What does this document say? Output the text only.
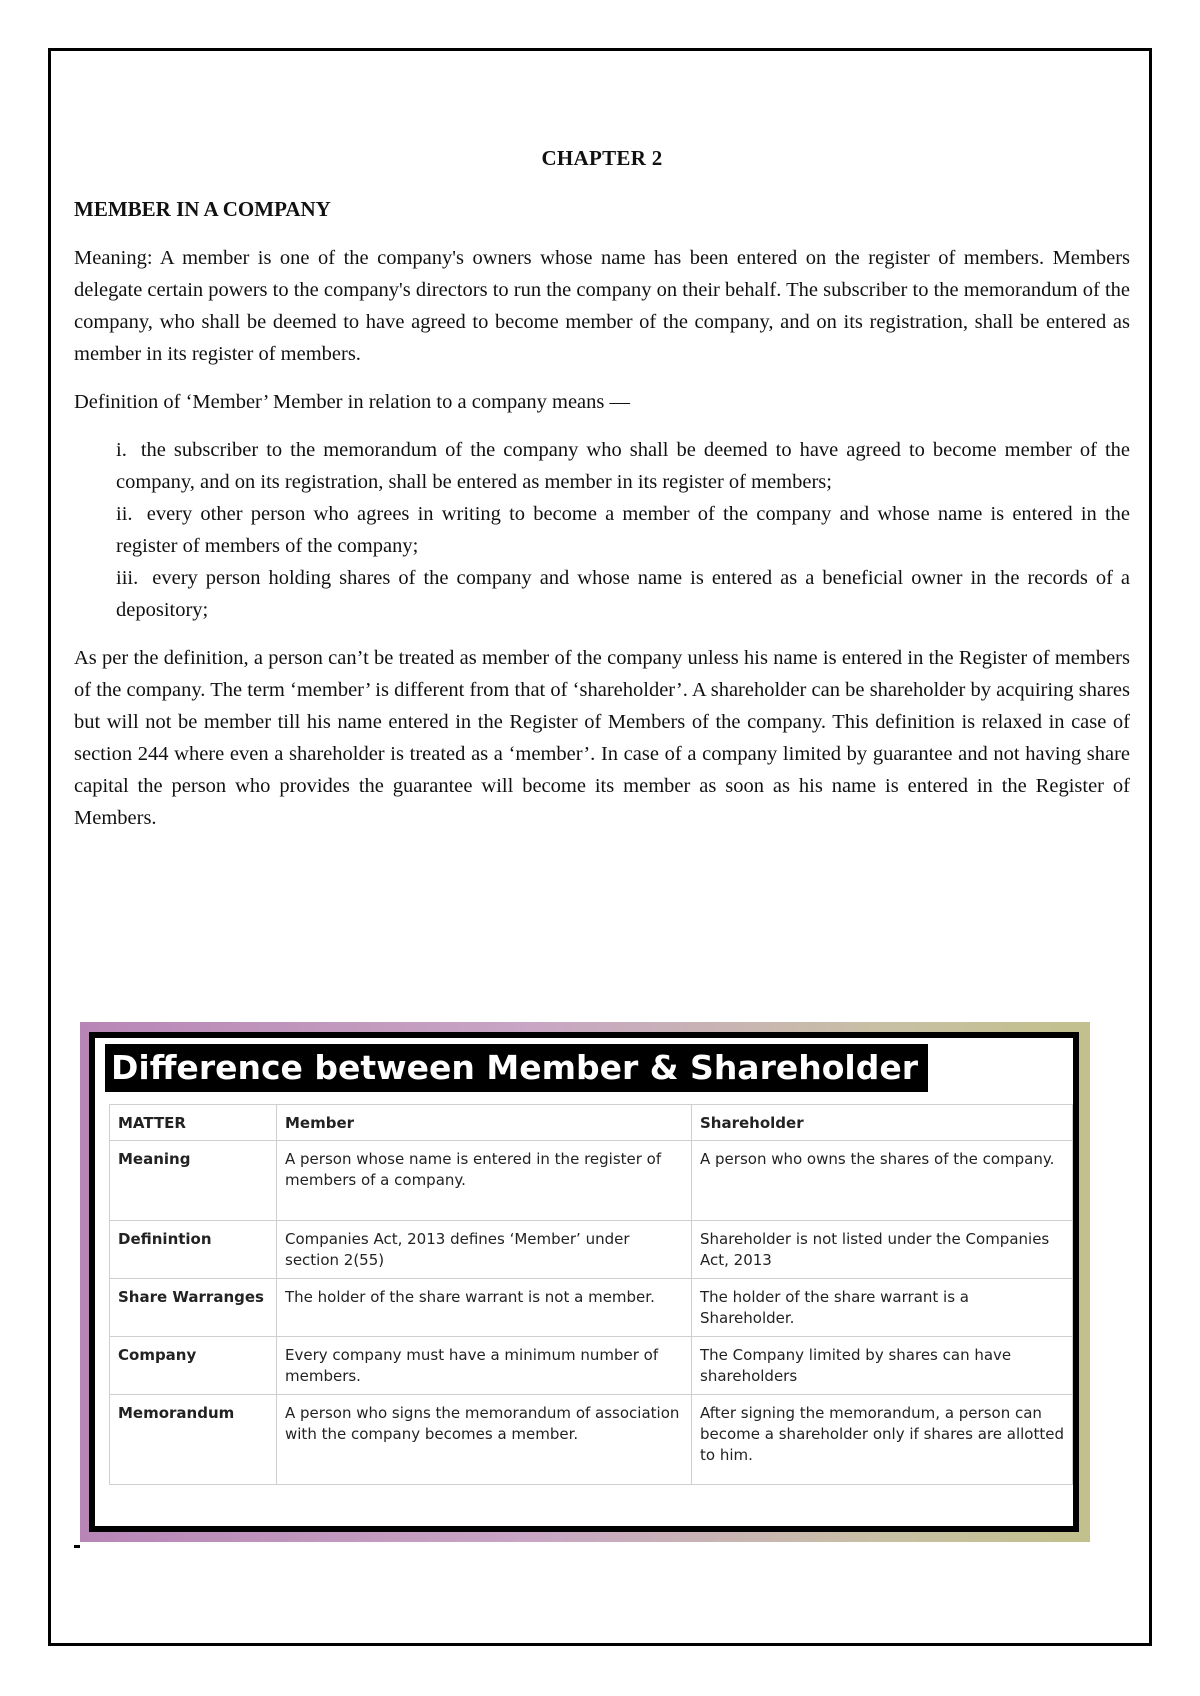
CHAPTER 2
MEMBER IN A COMPANY

Meaning: A member is one of the company's owners whose name has been entered on the register of members. Members delegate certain powers to the company's directors to run the company on their behalf. The subscriber to the memorandum of the company, who shall be deemed to have agreed to become member of the company, and on its registration, shall be entered as member in its register of members.

Definition of ‘Member’ Member in relation to a company means —

i. the subscriber to the memorandum of the company who shall be deemed to have agreed to become member of the company, and on its registration, shall be entered as member in its register of members;
ii. every other person who agrees in writing to become a member of the company and whose name is entered in the register of members of the company;
iii. every person holding shares of the company and whose name is entered as a beneficial owner in the records of a depository;

As per the definition, a person can’t be treated as member of the company unless his name is entered in the Register of members of the company. The term ‘member’ is different from that of ‘shareholder’. A shareholder can be shareholder by acquiring shares but will not be member till his name entered in the Register of Members of the company. This definition is relaxed in case of section 244 where even a shareholder is treated as a ‘member’. In case of a company limited by guarantee and not having share capital the person who provides the guarantee will become its member as soon as his name is entered in the Register of Members.

Difference between Member & Shareholder
MATTER	Member	Shareholder
Meaning	A person whose name is entered in the register of members of a company.	A person who owns the shares of the company.
Definintion	Companies Act, 2013 defines ‘Member’ under section 2(55)	Shareholder is not listed under the Companies Act, 2013
Share Warranges	The holder of the share warrant is not a member.	The holder of the share warrant is a Shareholder.
Company	Every company must have a minimum number of members.	The Company limited by shares can have shareholders
Memorandum	A person who signs the memorandum of association with the company becomes a member.	After signing the memorandum, a person can become a shareholder only if shares are allotted to him.
